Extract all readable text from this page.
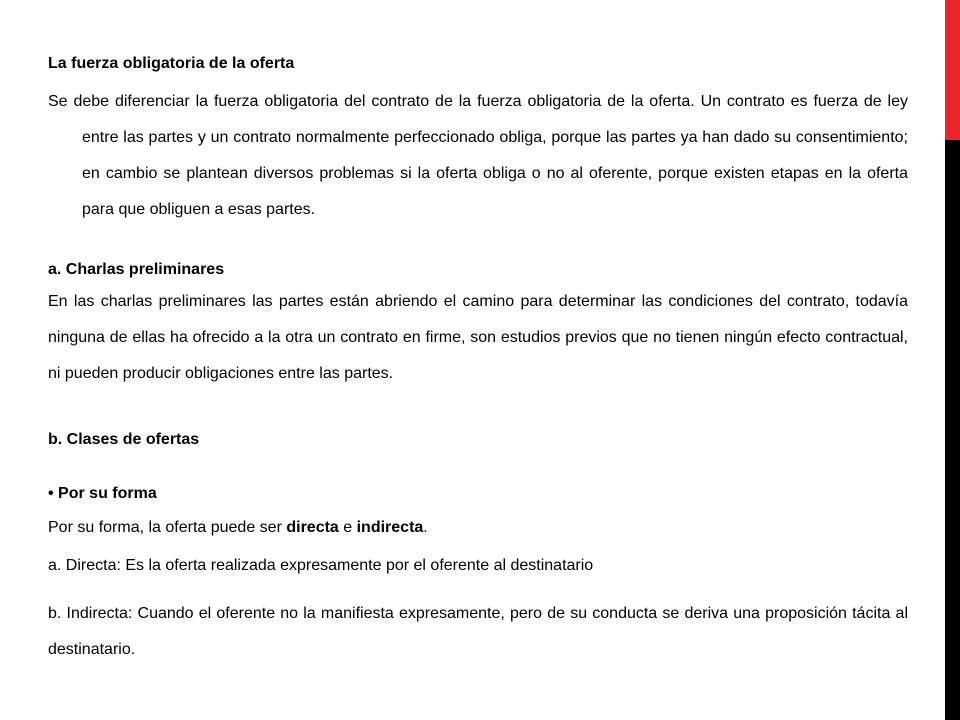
La fuerza obligatoria de la oferta

Se debe diferenciar la fuerza obligatoria del contrato de la fuerza obligatoria de la oferta. Un contrato es fuerza de ley entre las partes y un contrato normalmente perfeccionado obliga, porque las partes ya han dado su consentimiento; en cambio se plantean diversos problemas si la oferta obliga o no al oferente, porque existen etapas en la oferta para que obliguen a esas partes.

a. Charlas preliminares

En las charlas preliminares las partes están abriendo el camino para determinar las condiciones del contrato, todavía ninguna de ellas ha ofrecido a la otra un contrato en firme, son estudios previos que no tienen ningún efecto contractual, ni pueden producir obligaciones entre las partes.

b. Clases de ofertas

• Por su forma

Por su forma, la oferta puede ser directa e indirecta.

a. Directa: Es la oferta realizada expresamente por el oferente al destinatario

b. Indirecta: Cuando el oferente no la manifiesta expresamente, pero de su conducta se deriva una proposición tácita al destinatario.
